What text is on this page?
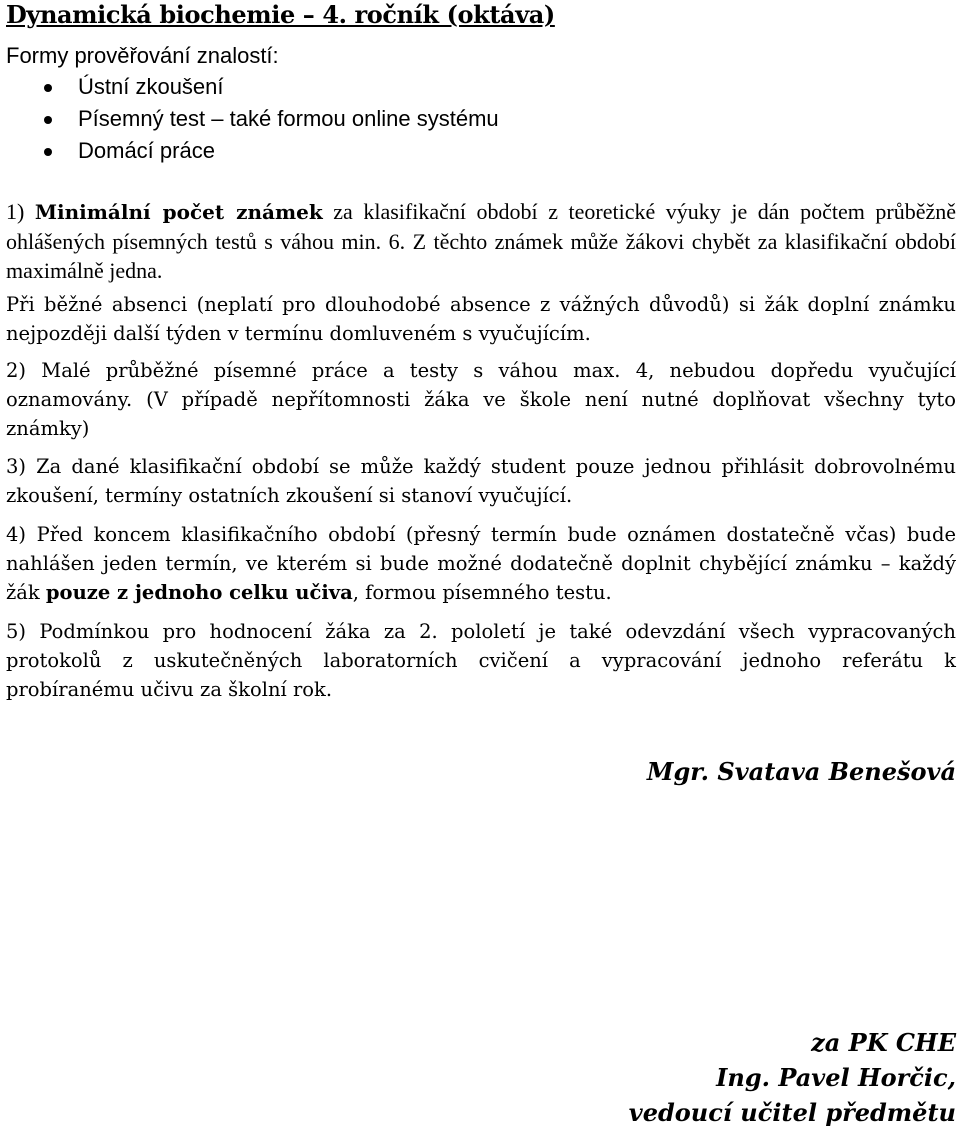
Dynamická biochemie – 4. ročník (oktáva)

Formy prověřování znalostí:

Ústní zkoušení
Písemný test – také formou online systému
Domácí práce

1) Minimální počet známek za klasifikační období z teoretické výuky je dán počtem průběžně ohlášených písemných testů s váhou min. 6. Z těchto známek může žákovi chybět za klasifikační období maximálně jedna.

Při běžné absenci (neplatí pro dlouhodobé absence z vážných důvodů) si žák doplní známku nejpozději další týden v termínu domluveném s vyučujícím.

2) Malé průběžné písemné práce a testy s váhou max. 4, nebudou dopředu vyučující oznamovány. (V případě nepřítomnosti žáka ve škole není nutné doplňovat všechny tyto známky)

3) Za dané klasifikační období se může každý student pouze jednou přihlásit dobrovolnému zkoušení, termíny ostatních zkoušení si stanoví vyučující.

4) Před koncem klasifikačního období (přesný termín bude oznámen dostatečně včas) bude nahlášen jeden termín, ve kterém si bude možné dodatečně doplnit chybějící známku – každý žák pouze z jednoho celku učiva, formou písemného testu.

5) Podmínkou pro hodnocení žáka za 2. pololetí je také odevzdání všech vypracovaných protokolů z uskutečněných laboratorních cvičení a vypracování jednoho referátu k probíranému učivu za školní rok.

Mgr. Svatava Benešová

za PK CHE
Ing. Pavel Horčic,
vedoucí učitel předmětu
